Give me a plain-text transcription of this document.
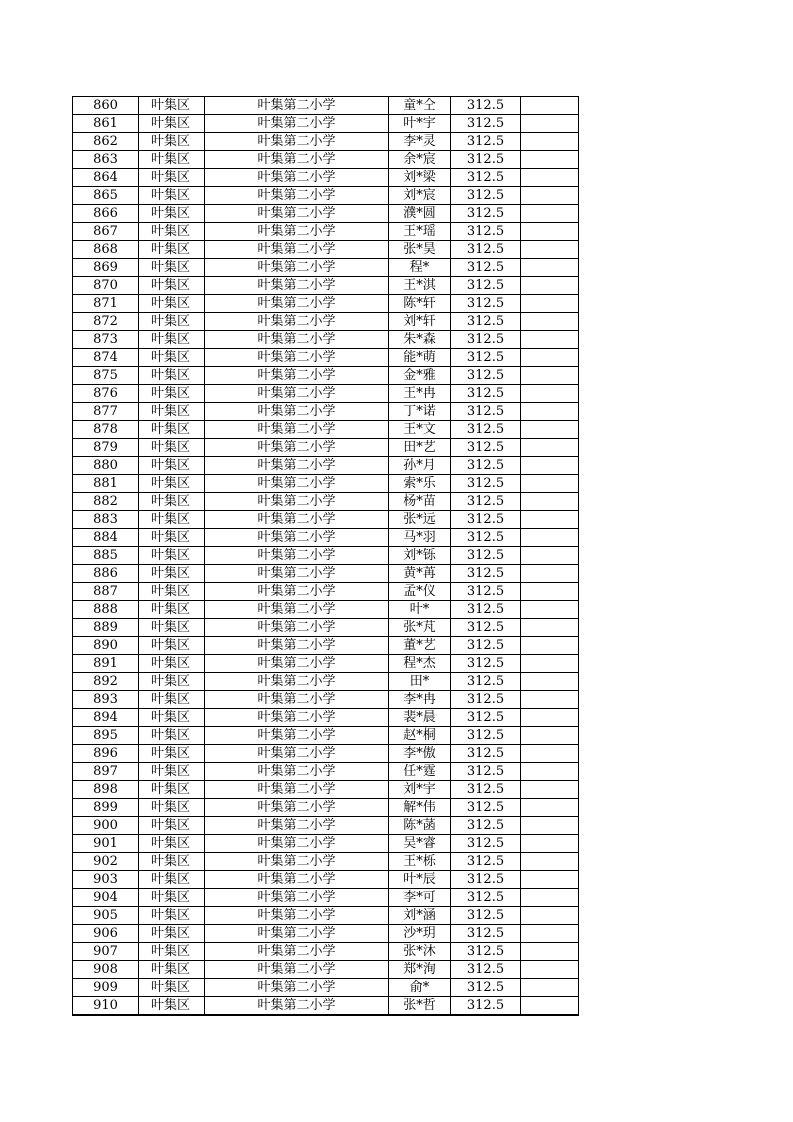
860	叶集区	叶集第二小学	童*仝	312.5	
861	叶集区	叶集第二小学	叶*宇	312.5	
862	叶集区	叶集第二小学	李*灵	312.5	
863	叶集区	叶集第二小学	余*宸	312.5	
864	叶集区	叶集第二小学	刘*梁	312.5	
865	叶集区	叶集第二小学	刘*宸	312.5	
866	叶集区	叶集第二小学	濮*圆	312.5	
867	叶集区	叶集第二小学	王*瑶	312.5	
868	叶集区	叶集第二小学	张*昊	312.5	
869	叶集区	叶集第二小学	程*	312.5	
870	叶集区	叶集第二小学	王*淇	312.5	
871	叶集区	叶集第二小学	陈*轩	312.5	
872	叶集区	叶集第二小学	刘*轩	312.5	
873	叶集区	叶集第二小学	朱*森	312.5	
874	叶集区	叶集第二小学	能*萌	312.5	
875	叶集区	叶集第二小学	金*雅	312.5	
876	叶集区	叶集第二小学	王*冉	312.5	
877	叶集区	叶集第二小学	丁*诺	312.5	
878	叶集区	叶集第二小学	王*文	312.5	
879	叶集区	叶集第二小学	田*艺	312.5	
880	叶集区	叶集第二小学	孙*月	312.5	
881	叶集区	叶集第二小学	索*乐	312.5	
882	叶集区	叶集第二小学	杨*苗	312.5	
883	叶集区	叶集第二小学	张*远	312.5	
884	叶集区	叶集第二小学	马*羽	312.5	
885	叶集区	叶集第二小学	刘*铄	312.5	
886	叶集区	叶集第二小学	黄*苒	312.5	
887	叶集区	叶集第二小学	孟*仪	312.5	
888	叶集区	叶集第二小学	叶*	312.5	
889	叶集区	叶集第二小学	张*芃	312.5	
890	叶集区	叶集第二小学	董*艺	312.5	
891	叶集区	叶集第二小学	程*杰	312.5	
892	叶集区	叶集第二小学	田*	312.5	
893	叶集区	叶集第二小学	李*冉	312.5	
894	叶集区	叶集第二小学	裴*晨	312.5	
895	叶集区	叶集第二小学	赵*桐	312.5	
896	叶集区	叶集第二小学	李*傲	312.5	
897	叶集区	叶集第二小学	任*霆	312.5	
898	叶集区	叶集第二小学	刘*宇	312.5	
899	叶集区	叶集第二小学	解*伟	312.5	
900	叶集区	叶集第二小学	陈*菡	312.5	
901	叶集区	叶集第二小学	吴*睿	312.5	
902	叶集区	叶集第二小学	王*栎	312.5	
903	叶集区	叶集第二小学	叶*辰	312.5	
904	叶集区	叶集第二小学	李*可	312.5	
905	叶集区	叶集第二小学	刘*涵	312.5	
906	叶集区	叶集第二小学	沙*玥	312.5	
907	叶集区	叶集第二小学	张*沐	312.5	
908	叶集区	叶集第二小学	郑*洵	312.5	
909	叶集区	叶集第二小学	俞*	312.5	
910	叶集区	叶集第二小学	张*哲	312.5	
